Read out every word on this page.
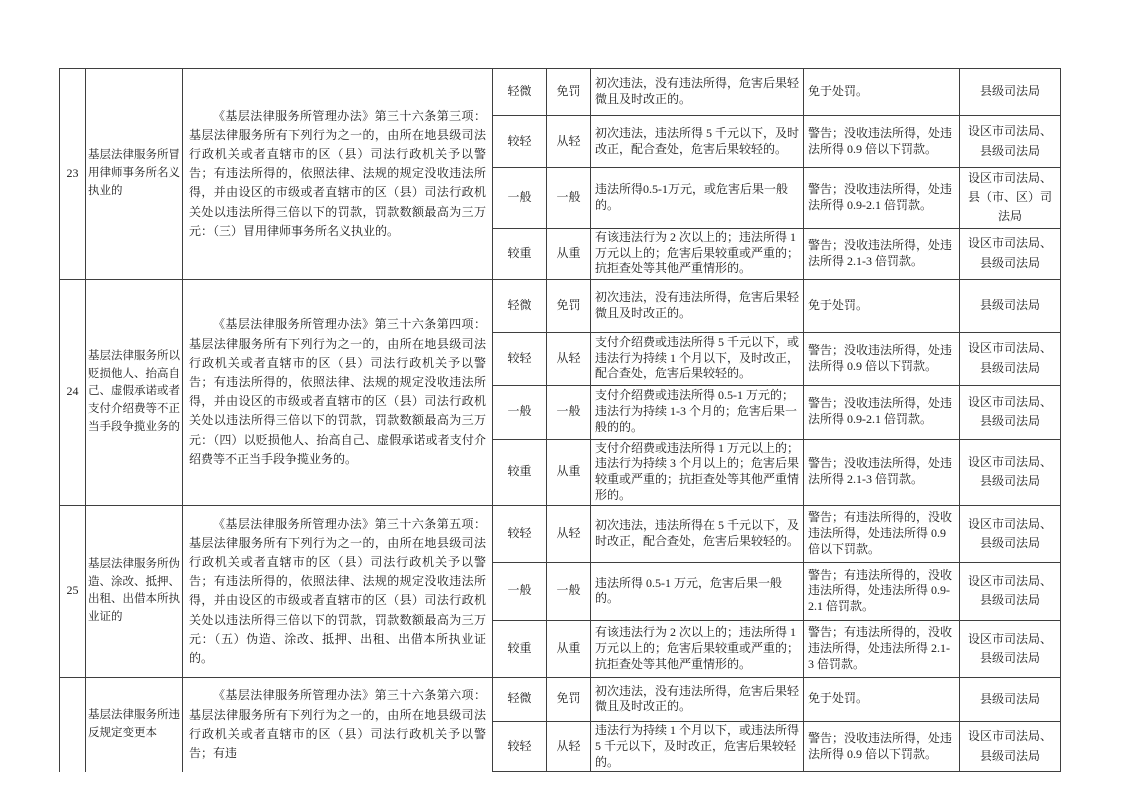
23	基层法律服务所冒用律师事务所名义执业的	《基层法律服务所管理办法》第三十六条第三项：基层法律服务所有下列行为之一的，由所在地县级司法行政机关或者直辖市的区（县）司法行政机关予以警告；有违法所得的，依照法律、法规的规定没收违法所得，并由设区的市级或者直辖市的区（县）司法行政机关处以违法所得三倍以下的罚款，罚款数额最高为三万元：（三）冒用律师事务所名义执业的。	轻微	免罚	初次违法，没有违法所得，危害后果轻微且及时改正的。	免于处罚。	县级司法局
			较轻	从轻	初次违法，违法所得 5 千元以下，及时改正，配合查处，危害后果较轻的。	警告；没收违法所得，处违法所得 0.9 倍以下罚款。	设区市司法局、县级司法局
			一般	一般	违法所得0.5-1万元，或危害后果一般的。	警告；没收违法所得，处违法所得 0.9-2.1 倍罚款。	设区市司法局、县（市、区）司法局
			较重	从重	有该违法行为 2 次以上的；违法所得 1 万元以上的；危害后果较重或严重的；抗拒查处等其他严重情形的。	警告；没收违法所得，处违法所得 2.1-3 倍罚款。	设区市司法局、县级司法局
24	基层法律服务所以贬损他人、抬高自己、虚假承诺或者支付介绍费等不正当手段争揽业务的	《基层法律服务所管理办法》第三十六条第四项：基层法律服务所有下列行为之一的，由所在地县级司法行政机关或者直辖市的区（县）司法行政机关予以警告；有违法所得的，依照法律、法规的规定没收违法所得，并由设区的市级或者直辖市的区（县）司法行政机关处以违法所得三倍以下的罚款，罚款数额最高为三万元：（四）以贬损他人、抬高自己、虚假承诺或者支付介绍费等不正当手段争揽业务的。	轻微	免罚	初次违法，没有违法所得，危害后果轻微且及时改正的。	免于处罚。	县级司法局
			较轻	从轻	支付介绍费或违法所得 5 千元以下，或违法行为持续 1 个月以下，及时改正，配合查处，危害后果较轻的。	警告；没收违法所得，处违法所得 0.9 倍以下罚款。	设区市司法局、县级司法局
			一般	一般	支付介绍费或违法所得 0.5-1 万元的；违法行为持续 1-3 个月的；危害后果一般的的。	警告；没收违法所得，处违法所得 0.9-2.1 倍罚款。	设区市司法局、县级司法局
			较重	从重	支付介绍费或违法所得 1 万元以上的；违法行为持续 3 个月以上的；危害后果较重或严重的；抗拒查处等其他严重情形的。	警告；没收违法所得，处违法所得 2.1-3 倍罚款。	设区市司法局、县级司法局
25	基层法律服务所伪造、涂改、抵押、出租、出借本所执 业证的	《基层法律服务所管理办法》第三十六条第五项：基层法律服务所有下列行为之一的，由所在地县级司法行政机关或者直辖市的区（县）司法行政机关予以警告；有违法所得的，依照法律、法规的规定没收违法所得，并由设区的市级或者直辖市的区（县）司法行政机关处以违法所得三倍以下的罚款，罚款数额最高为三万元：（五）伪造、涂改、抵押、出租、出借本所执业证的。	较轻	从轻	初次违法，违法所得在 5 千元以下，及时改正，配合查处，危害后果较轻的。	警告；有违法所得的，没收违法所得，处违法所得 0.9 倍以下罚款。	设区市司法局、县级司法局
			一般	一般	违法所得 0.5-1 万元，危害后果一般的。	警告；有违法所得的，没收违法所得，处违法所得 0.9-2.1 倍罚款。	设区市司法局、县级司法局
			较重	从重	有该违法行为 2 次以上的；违法所得 1 万元以上的；危害后果较重或严重的；抗拒查处等其他严重情形的。	警告；有违法所得的，没收违法所得，处违法所得 2.1-3 倍罚款。	设区市司法局、县级司法局
	基层法律服务所违反规定变更本	《基层法律服务所管理办法》第三十六条第六项：基层法律服务所有下列行为之一的，由所在地县级司法行政机关或者直辖市的区（县）司法行政机关予以警告；有违	轻微	免罚	初次违法，没有违法所得，危害后果轻微且及时改正的。	免于处罚。	县级司法局
			较轻	从轻	违法行为持续 1 个月以下，或违法所得 5 千元以下，及时改正，危害后果较轻的。	警告；没收违法所得，处违法所得 0.9 倍以下罚款。	设区市司法局、县级司法局
